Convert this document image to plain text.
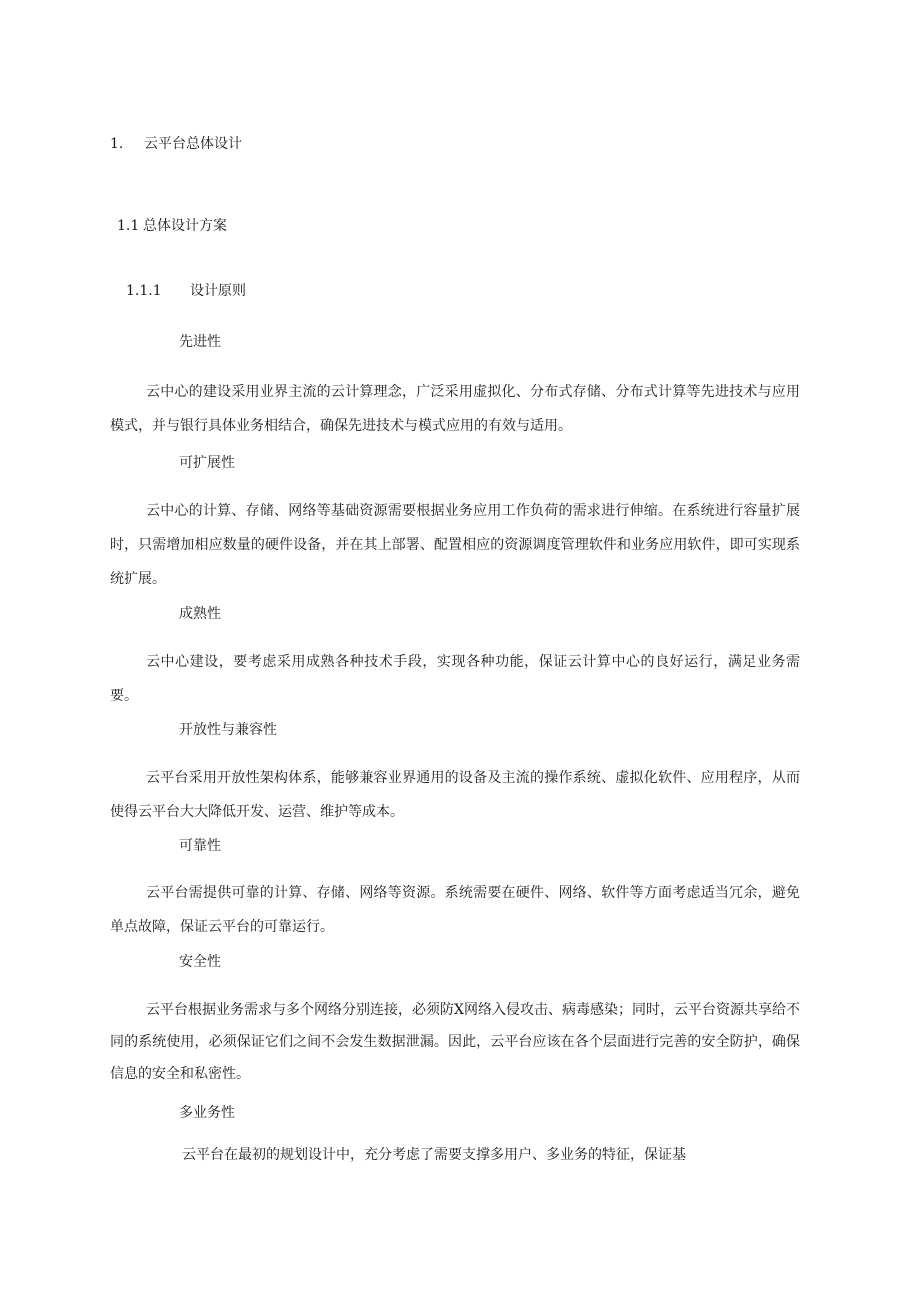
1. 云平台总体设计
1.1 总体设计方案
1.1.1 设计原则
先进性
云中心的建设采用业界主流的云计算理念，广泛采用虚拟化、分布式存储、分布式计算等先进技术与应用模式，并与银行具体业务相结合，确保先进技术与模式应用的有效与适用。
可扩展性
云中心的计算、存储、网络等基础资源需要根据业务应用工作负荷的需求进行伸缩。在系统进行容量扩展时，只需增加相应数量的硬件设备，并在其上部署、配置相应的资源调度管理软件和业务应用软件，即可实现系统扩展。
成熟性
云中心建设，要考虑采用成熟各种技术手段，实现各种功能，保证云计算中心的良好运行，满足业务需要。
开放性与兼容性
云平台采用开放性架构体系，能够兼容业界通用的设备及主流的操作系统、虚拟化软件、应用程序，从而使得云平台大大降低开发、运营、维护等成本。
可靠性
云平台需提供可靠的计算、存储、网络等资源。系统需要在硬件、网络、软件等方面考虑适当冗余，避免单点故障，保证云平台的可靠运行。
安全性
云平台根据业务需求与多个网络分别连接，必须防X网络入侵攻击、病毒感染；同时，云平台资源共享给不同的系统使用，必须保证它们之间不会发生数据泄漏。因此，云平台应该在各个层面进行完善的安全防护，确保信息的安全和私密性。
多业务性
云平台在最初的规划设计中，充分考虑了需要支撑多用户、多业务的特征，保证基
